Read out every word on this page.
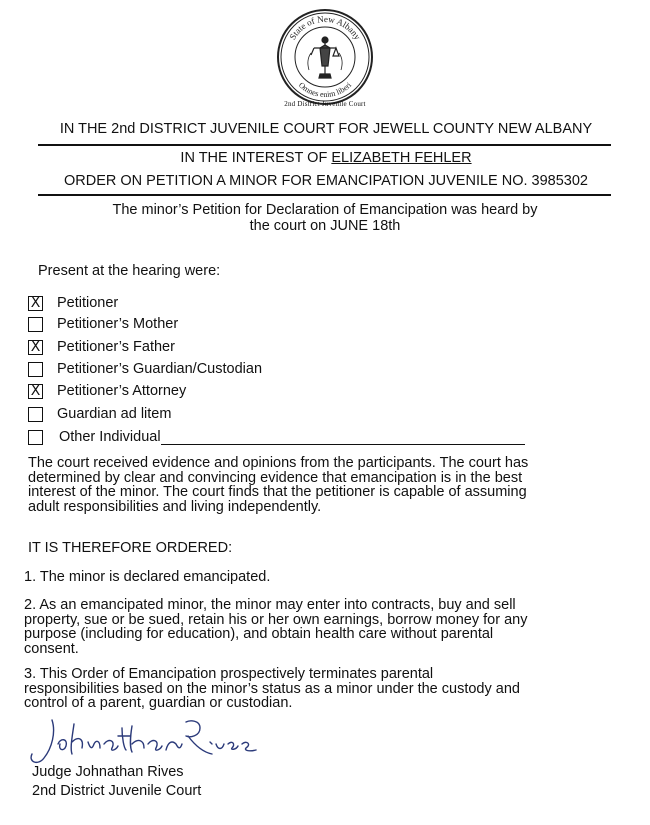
State of New Albany
Omnes enim liberi
2nd District Juvenile Court
IN THE 2nd DISTRICT JUVENILE COURT FOR JEWELL COUNTY NEW ALBANY
IN THE INTEREST OF ELIZABETH FEHLER
ORDER ON PETITION A MINOR FOR EMANCIPATION JUVENILE NO. 3985302
The minor’s Petition for Declaration of Emancipation was heard by
the court on JUNE 18th
Present at the hearing were:
X Petitioner
Petitioner’s Mother
X Petitioner’s Father
Petitioner’s Guardian/Custodian
X Petitioner’s Attorney
Guardian ad litem
Other Individual
The court received evidence and opinions from the participants. The court has
determined by clear and convincing evidence that emancipation is in the best
interest of the minor. The court finds that the petitioner is capable of assuming
adult responsibilities and living independently.
IT IS THEREFORE ORDERED:
1. The minor is declared emancipated.
2. As an emancipated minor, the minor may enter into contracts, buy and sell
property, sue or be sued, retain his or her own earnings, borrow money for any
purpose (including for education), and obtain health care without parental
consent.
3. This Order of Emancipation prospectively terminates parental
responsibilities based on the minor’s status as a minor under the custody and
control of a parent, guardian or custodian.
Judge Johnathan Rives
2nd District Juvenile Court
